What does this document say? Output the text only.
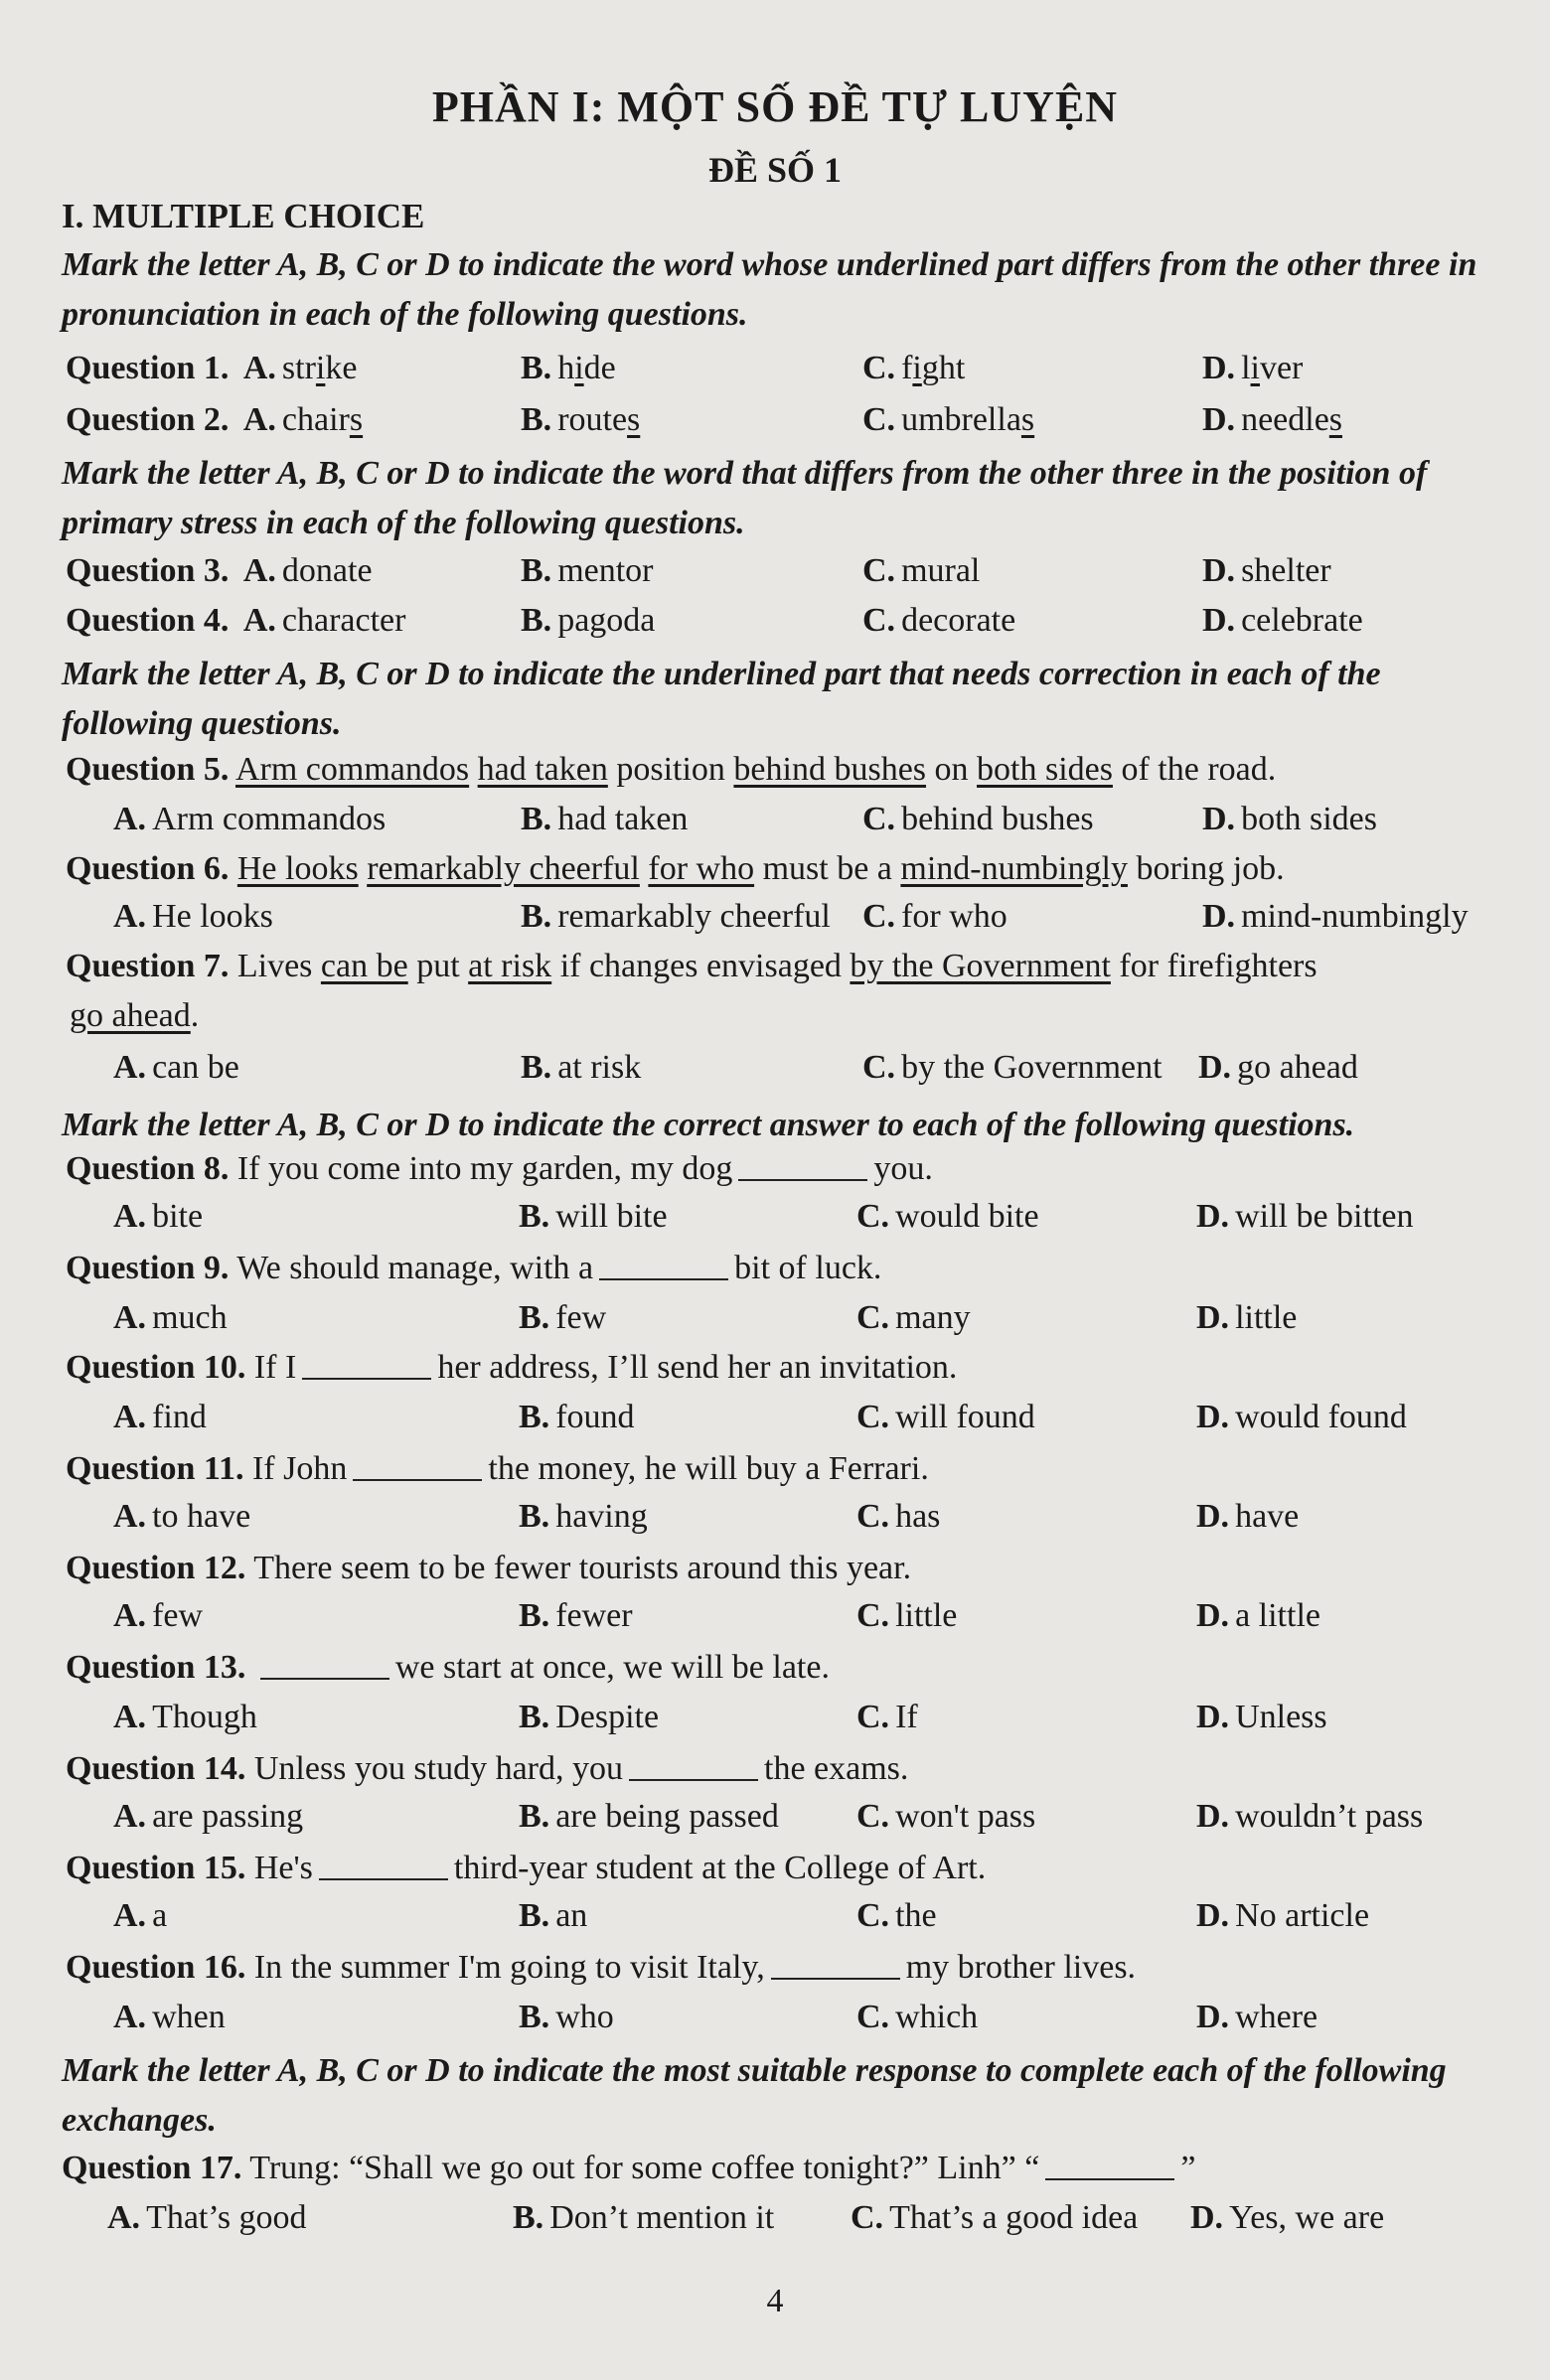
PHẦN I: MỘT SỐ ĐỀ TỰ LUYỆN
ĐỀ SỐ 1
I. MULTIPLE CHOICE
Mark the letter A, B, C or D to indicate the word whose underlined part differs from the other three in pronunciation in each of the following questions.
Question 1. A. strike	B. hide	C. fight	D. liver
Question 2. A. chairs	B. routes	C. umbrellas	D. needles
Mark the letter A, B, C or D to indicate the word that differs from the other three in the position of primary stress in each of the following questions.
Question 3. A. donate	B. mentor	C. mural	D. shelter
Question 4. A. character	B. pagoda	C. decorate	D. celebrate
Mark the letter A, B, C or D to indicate the underlined part that needs correction in each of the following questions.
Question 5. Arm commandos had taken position behind bushes on both sides of the road.
A. Arm commandos	B. had taken	C. behind bushes	D. both sides
Question 6. He looks remarkably cheerful for who must be a mind-numbingly boring job.
A. He looks	B. remarkably cheerful C. for who	D. mind-numbingly
Question 7. Lives can be put at risk if changes envisaged by the Government for firefighters
go ahead.
A. can be	B. at risk	C. by the Government D. go ahead
Mark the letter A, B, C or D to indicate the correct answer to each of the following questions.
Question 8. If you come into my garden, my dog	you.
A. bite	B. will bite	C. would bite	D. will be bitten
Question 9. We should manage, with a	bit of luck.
A. much	B. few	C. many	D. little
Question 10. If I	her address, I’ll send her an invitation.
A. find	B. found	C. will found	D. would found
Question 11. If John	the money, he will buy a Ferrari.
A. to have	B. having	C. has	D. have
Question 12. There seem to be fewer tourists around this year.
A. few	B. fewer	C. little	D. a little
Question 13.	we start at once, we will be late.
A. Though	B. Despite	C. If	D. Unless
Question 14. Unless you study hard, you	the exams.
A. are passing	B. are being passed C. won't pass	D. wouldn’t pass
Question 15. He's	third-year student at the College of Art.
A. a	B. an	C. the	D. No article
Question 16. In the summer I'm going to visit Italy,	my brother lives.
A. when	B. who	C. which	D. where
Mark the letter A, B, C or D to indicate the most suitable response to complete each of the following exchanges.
Question 17. Trung: “Shall we go out for some coffee tonight?” Linh” “	”
A. That’s good	B. Don’t mention it C. That’s a good idea D. Yes, we are
4
